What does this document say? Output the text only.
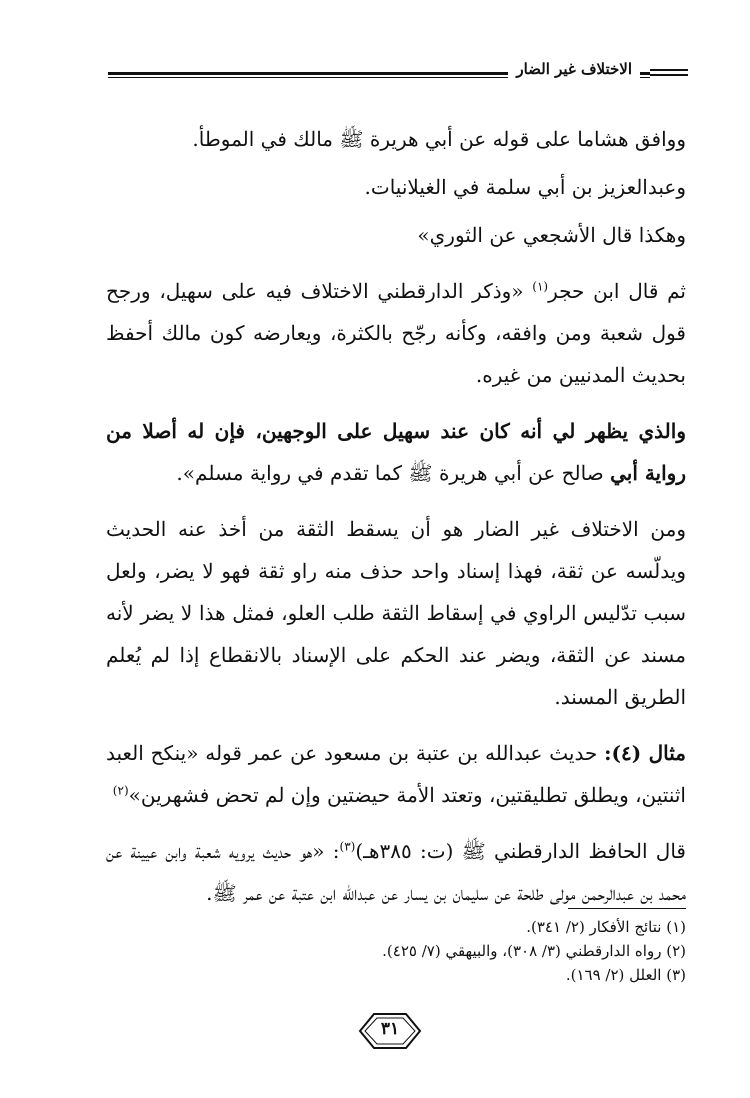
الاختلاف غير الضار

ووافق هشاما على قوله عن أبي هريرة ﷺ مالك في الموطأ.

وعبدالعزيز بن أبي سلمة في الغيلانيات.

وهكذا قال الأشجعي عن الثوري»

ثم قال ابن حجر$^{(١)}$ «وذكر الدارقطني الاختلاف فيه على سهيل، ورجح قول شعبة ومن وافقه، وكأنه رجّح بالكثرة، ويعارضه كون مالك أحفظ بحديث المدنيين من غيره.

والذي يظهر لي أنه كان عند سهيل على الوجهين، فإن له أصلا من رواية أبي صالح عن أبي هريرة ﷺ كما تقدم في رواية مسلم».

ومن الاختلاف غير الضار هو أن يسقط الثقة من أخذ عنه الحديث ويدلّسه عن ثقة، فهذا إسناد واحد حذف منه راو ثقة فهو لا يضر، ولعل سبب تدّليس الراوي في إسقاط الثقة طلب العلو، فمثل هذا لا يضر لأنه مسند عن الثقة، ويضر عند الحكم على الإسناد بالانقطاع إذا لم يُعلم الطريق المسند.

مثال (٤): حديث عبدالله بن عتبة بن مسعود عن عمر قوله «ينكح العبد اثنتين، ويطلق تطليقتين، وتعتد الأمة حيضتين وإن لم تحض فشهرين»$^{(٢)}$

قال الحافظ الدارقطني ﷺ (ت: ٣٨٥هـ)$^{(٣)}$: «هو حديث يرويه شعبة وابن عيينة عن محمد بن عبدالرحمن مولى طلحة عن سليمان بن يسار عن عبدالله ابن عتبة عن عمر ﷺ.

(١) نتائج الأفكار (٢/ ٣٤١).
(٢) رواه الدارقطني (٣/ ٣٠٨)، والبيهقي (٧/ ٤٢٥).
(٣) العلل (٢/ ١٦٩).
٣١
